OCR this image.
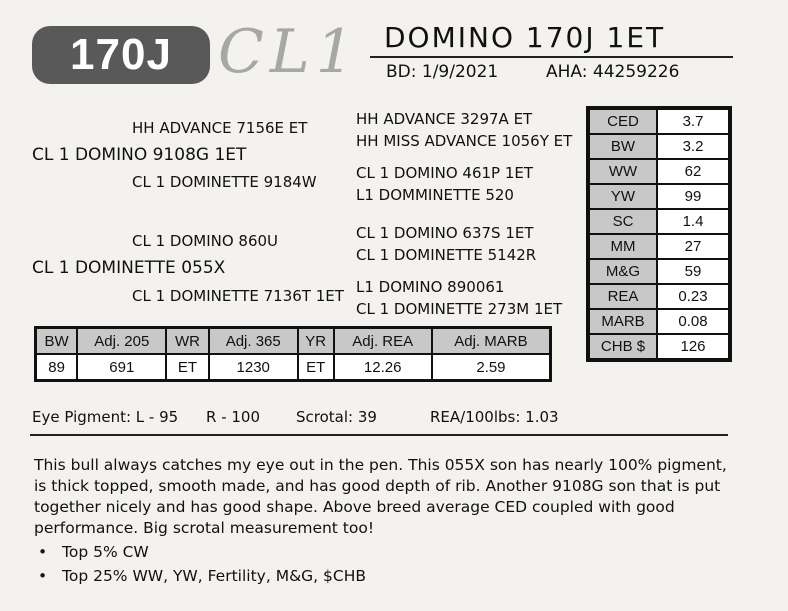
170J CL1 DOMINO 170J 1ET
BD: 1/9/2021	AHA: 44259226
HH ADVANCE 7156E ET
CL 1 DOMINO 9108G 1ET
CL 1 DOMINETTE 9184W
CL 1 DOMINO 860U
CL 1 DOMINETTE 055X
CL 1 DOMINETTE 7136T 1ET
HH ADVANCE 3297A ET
HH MISS ADVANCE 1056Y ET
CL 1 DOMINO 461P 1ET
L1 DOMMINETTE 520
CL 1 DOMINO 637S 1ET
CL 1 DOMINETTE 5142R
L1 DOMINO 890061
CL 1 DOMINETTE 273M 1ET
CED	3.7
BW	3.2
WW	62
YW	99
SC	1.4
MM	27
M&G	59
REA	0.23
MARB	0.08
CHB $	126
BW	Adj. 205	WR	Adj. 365	YR	Adj. REA	Adj. MARB
89	691	ET	1230	ET	12.26	2.59
Eye Pigment: L - 95 R - 100 Scrotal: 39	REA/100lbs: 1.03
This bull always catches my eye out in the pen. This 055X son has nearly 100% pigment, is thick topped, smooth made, and has good depth of rib. Another 9108G son that is put together nicely and has good shape. Above breed average CED coupled with good performance. Big scrotal measurement too!
• Top 5% CW
• Top 25% WW, YW, Fertility, M&G, $CHB
